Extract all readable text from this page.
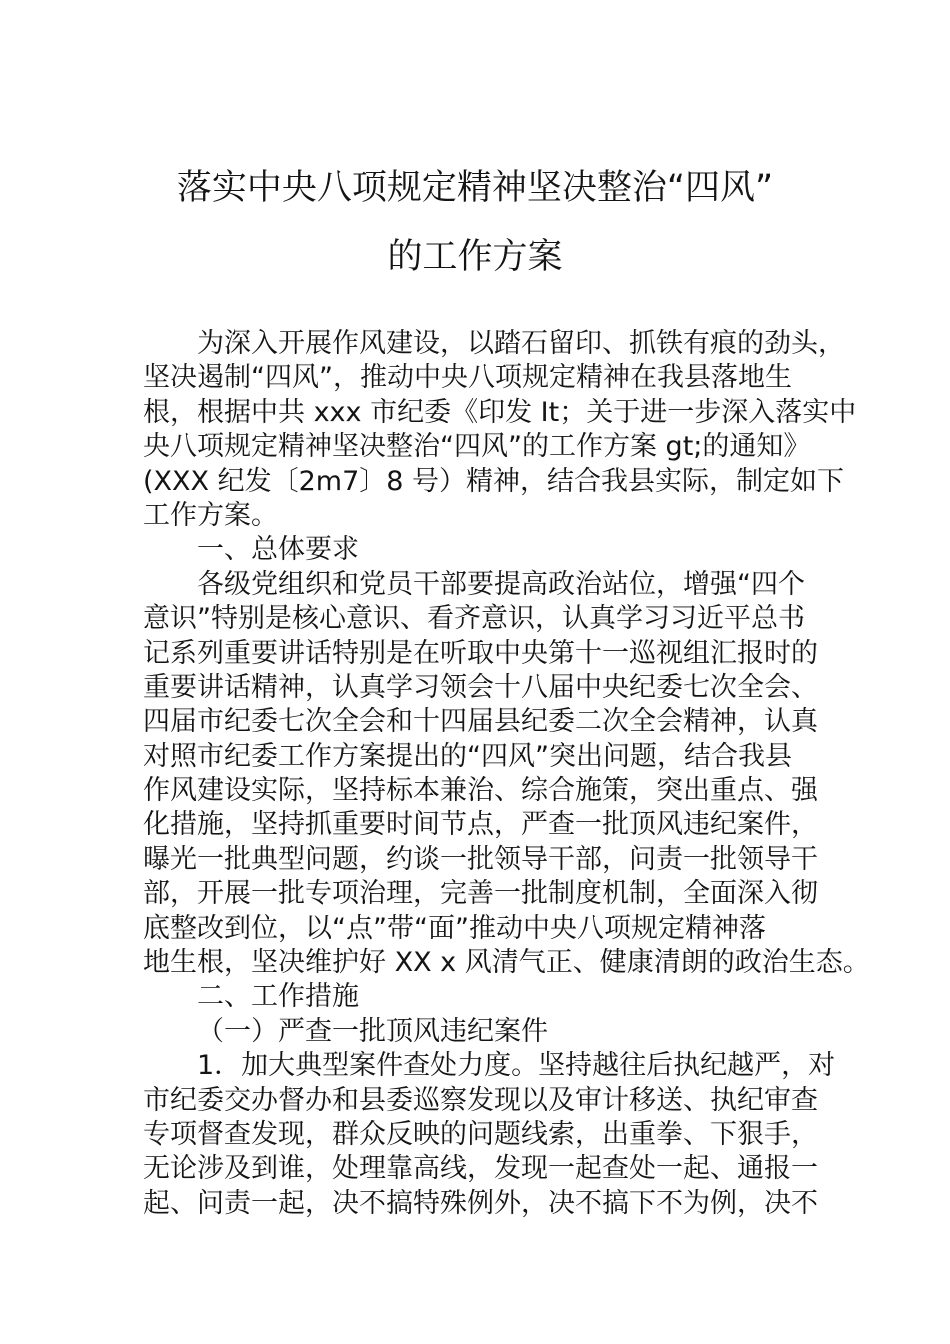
落实中央八项规定精神坚决整治“四风”
的工作方案
为深入开展作风建设，以踏石留印、抓铁有痕的劲头，
坚决遏制“四风”，推动中央八项规定精神在我县落地生
根，根据中共 xxx 市纪委《印发 It；关于进一步深入落实中
央八项规定精神坚决整治“四风”的工作方案 gt;的通知》
(XXX 纪发〔2m7〕8 号）精神，结合我县实际，制定如下
工作方案。
一、总体要求
各级党组织和党员干部要提高政治站位，增强“四个
意识”特别是核心意识、看齐意识，认真学习习近平总书
记系列重要讲话特别是在听取中央第十一巡视组汇报时的
重要讲话精神，认真学习领会十八届中央纪委七次全会、
四届市纪委七次全会和十四届县纪委二次全会精神，认真
对照市纪委工作方案提出的“四风”突出问题，结合我县
作风建设实际，坚持标本兼治、综合施策，突出重点、强
化措施，坚持抓重要时间节点，严查一批顶风违纪案件，
曝光一批典型问题，约谈一批领导干部，问责一批领导干
部，开展一批专项治理，完善一批制度机制，全面深入彻
底整改到位，以“点”带“面”推动中央八项规定精神落
地生根，坚决维护好 XX x 风清气正、健康清朗的政治生态。
二、工作措施
（一）严查一批顶风违纪案件
1．加大典型案件查处力度。坚持越往后执纪越严，对
市纪委交办督办和县委巡察发现以及审计移送、执纪审查
专项督查发现，群众反映的问题线索，出重拳、下狠手，
无论涉及到谁，处理靠高线，发现一起查处一起、通报一
起、问责一起，决不搞特殊例外，决不搞下不为例，决不
